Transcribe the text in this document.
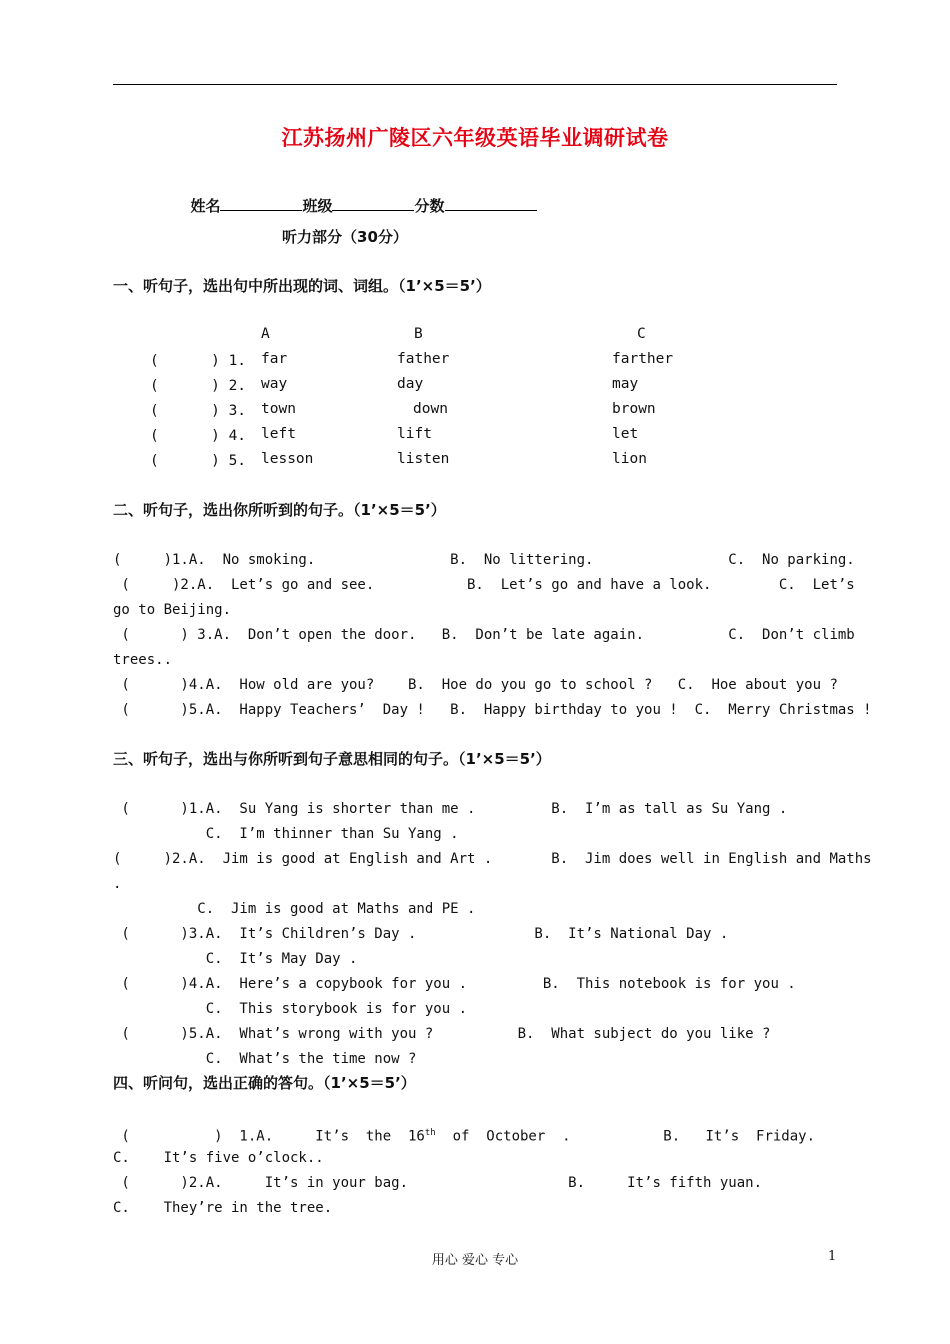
江苏扬州广陵区六年级英语毕业调研试卷

姓名	班级	分数

听力部分（30分）
一、听句子，选出句中所出现的词、词组。（1’×5＝5’）
A	B	C
(      ) 1. far	father	farther
(      ) 2. way	day	may
(      ) 3. town	down	brown
(      ) 4. left	lift	let
(      ) 5. lesson	listen	lion
二、听句子，选出你所听到的句子。（1’×5＝5’）
(     )1.A.  No smoking.                B.  No littering.                C.  No parking.
(     )2.A.  Let’s go and see.           B.  Let’s go and have a look.        C.  Let’s
go to Beijing.
(      ) 3.A.  Don’t open the door.   B.  Don’t be late again.          C.  Don’t climb
trees..
(      )4.A.  How old are you?    B.  Hoe do you go to school ?   C.  Hoe about you ?
(      )5.A.  Happy Teachers’  Day !   B.  Happy birthday to you !  C.  Merry Christmas !
三、听句子，选出与你所听到句子意思相同的句子。（1’×5＝5’）
(      )1.A.  Su Yang is shorter than me .         B.  I’m as tall as Su Yang .
C.  I’m thinner than Su Yang .
(     )2.A.  Jim is good at English and Art .       B.  Jim does well in English and Maths
.
C.  Jim is good at Maths and PE .
(      )3.A.  It’s Children’s Day .              B.  It’s National Day .
C.  It’s May Day .
(      )4.A.  Here’s a copybook for you .         B.  This notebook is for you .
C.  This storybook is for you .
(      )5.A.  What’s wrong with you ?          B.  What subject do you like ?
C.  What’s the time now ?
四、听问句，选出正确的答句。（1’×5＝5’）
(          )  1.A.     It’s  the  16th  of  October  .           B.   It’s  Friday.
C.    It’s five o’clock..
(      )2.A.     It’s in your bag.                   B.     It’s fifth yuan.
C.    They’re in the tree.
用心 爱心 专心	1
